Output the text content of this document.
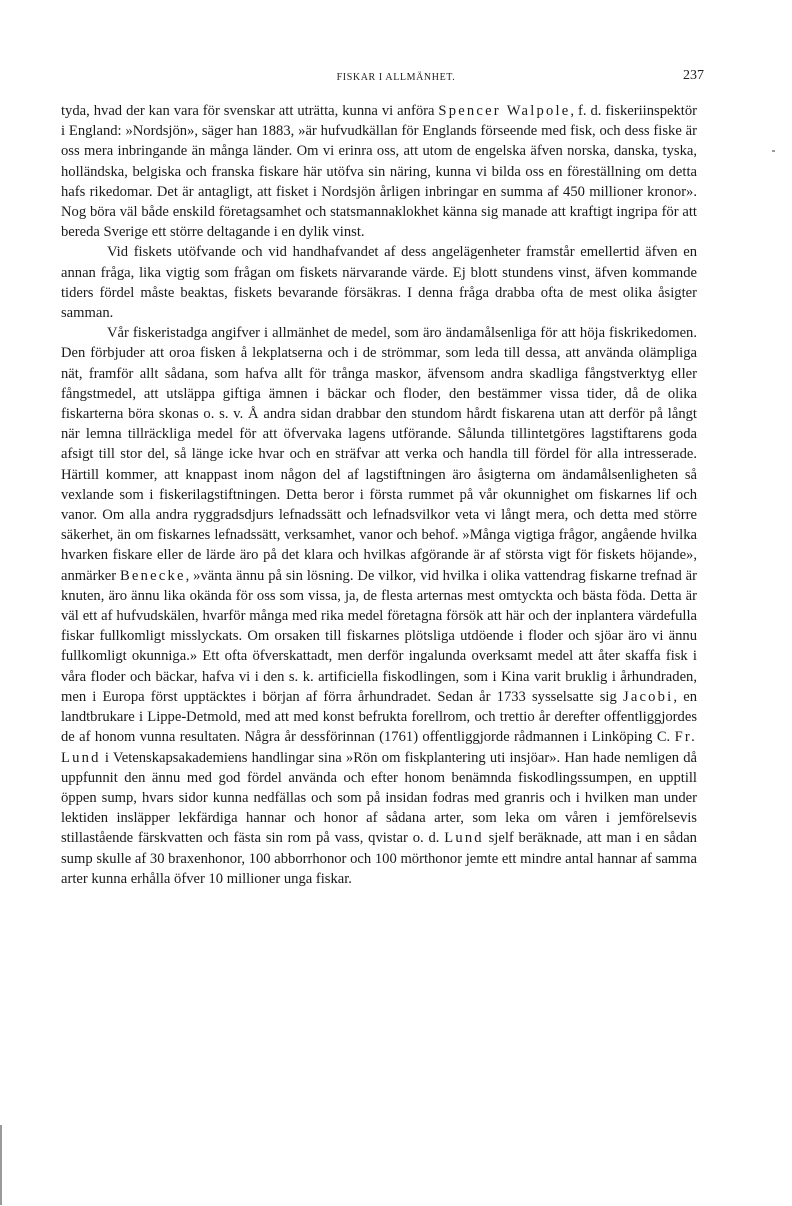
FISKAR I ALLMÄNHET.	237

tyda, hvad der kan vara för svenskar att uträtta, kunna vi anföra Spencer Walpole, f. d. fiskeriinspektör i England: »Nordsjön», säger han 1883, »är hufvudkällan för Englands förseende med fisk, och dess fiske är oss mera inbringande än många länder. Om vi erinra oss, att utom de engelska äfven norska, danska, tyska, holländska, belgiska och franska fiskare här utöfva sin näring, kunna vi bilda oss en föreställning om detta hafs rikedomar. Det är antagligt, att fisket i Nordsjön årligen inbringar en summa af 450 millioner kronor». Nog böra väl både enskild företagsamhet och statsmannaklokhet känna sig manade att kraftigt ingripa för att bereda Sverige ett större deltagande i en dylik vinst.

Vid fiskets utöfvande och vid handhafvandet af dess angelägenheter framstår emellertid äfven en annan fråga, lika vigtig som frågan om fiskets närvarande värde. Ej blott stundens vinst, äfven kommande tiders fördel måste beaktas, fiskets bevarande försäkras. I denna fråga drabba ofta de mest olika åsigter samman.

Vår fiskeristadga angifver i allmänhet de medel, som äro ändamålsenliga för att höja fiskrikedomen. Den förbjuder att oroa fisken å lekplatserna och i de strömmar, som leda till dessa, att använda olämpliga nät, framför allt sådana, som hafva allt för trånga maskor, äfvensom andra skadliga fångstverktyg eller fångstmedel, att utsläppa giftiga ämnen i bäckar och floder, den bestämmer vissa tider, då de olika fiskarterna böra skonas o. s. v. Å andra sidan drabbar den stundom hårdt fiskarena utan att derför på långt när lemna tillräckliga medel för att öfvervaka lagens utförande. Sålunda tillintetgöres lagstiftarens goda afsigt till stor del, så länge icke hvar och en sträfvar att verka och handla till fördel för alla intresserade. Härtill kommer, att knappast inom någon del af lagstiftningen äro åsigterna om ändamålsenligheten så vexlande som i fiskerilagstiftningen. Detta beror i första rummet på vår okunnighet om fiskarnes lif och vanor. Om alla andra ryggradsdjurs lefnadssätt och lefnadsvilkor veta vi långt mera, och detta med större säkerhet, än om fiskarnes lefnadssätt, verksamhet, vanor och behof. »Många vigtiga frågor, angående hvilka hvarken fiskare eller de lärde äro på det klara och hvilkas afgörande är af största vigt för fiskets höjande», anmärker Benecke, »vänta ännu på sin lösning. De vilkor, vid hvilka i olika vattendrag fiskarne trefnad är knuten, äro ännu lika okända för oss som vissa, ja, de flesta arternas mest omtyckta och bästa föda. Detta är väl ett af hufvudskälen, hvarför många med rika medel företagna försök att här och der inplantera värdefulla fiskar fullkomligt misslyckats. Om orsaken till fiskarnes plötsliga utdöende i floder och sjöar äro vi ännu fullkomligt okunniga.» Ett ofta öfverskattadt, men derför ingalunda overksamt medel att åter skaffa fisk i våra floder och bäckar, hafva vi i den s. k. artificiella fiskodlingen, som i Kina varit bruklig i århundraden, men i Europa först upptäcktes i början af förra århundradet. Sedan år 1733 sysselsatte sig Jacobi, en landtbrukare i Lippe-Detmold, med att med konst befrukta forellrom, och trettio år derefter offentliggjordes de af honom vunna resultaten. Några år dessförinnan (1761) offentliggjorde rådmannen i Linköping C. Fr. Lund i Vetenskapsakademiens handlingar sina »Rön om fiskplantering uti insjöar». Han hade nemligen då uppfunnit den ännu med god fördel använda och efter honom benämnda fiskodlingssumpen, en upptill öppen sump, hvars sidor kunna nedfällas och som på insidan fodras med granris och i hvilken man under lektiden insläpper lekfärdiga hannar och honor af sådana arter, som leka om våren i jemförelsevis stillastående färskvatten och fästa sin rom på vass, qvistar o. d. Lund sjelf beräknade, att man i en sådan sump skulle af 30 braxenhonor, 100 abborrhonor och 100 mörthonor jemte ett mindre antal hannar af samma arter kunna erhålla öfver 10 millioner unga fiskar.
